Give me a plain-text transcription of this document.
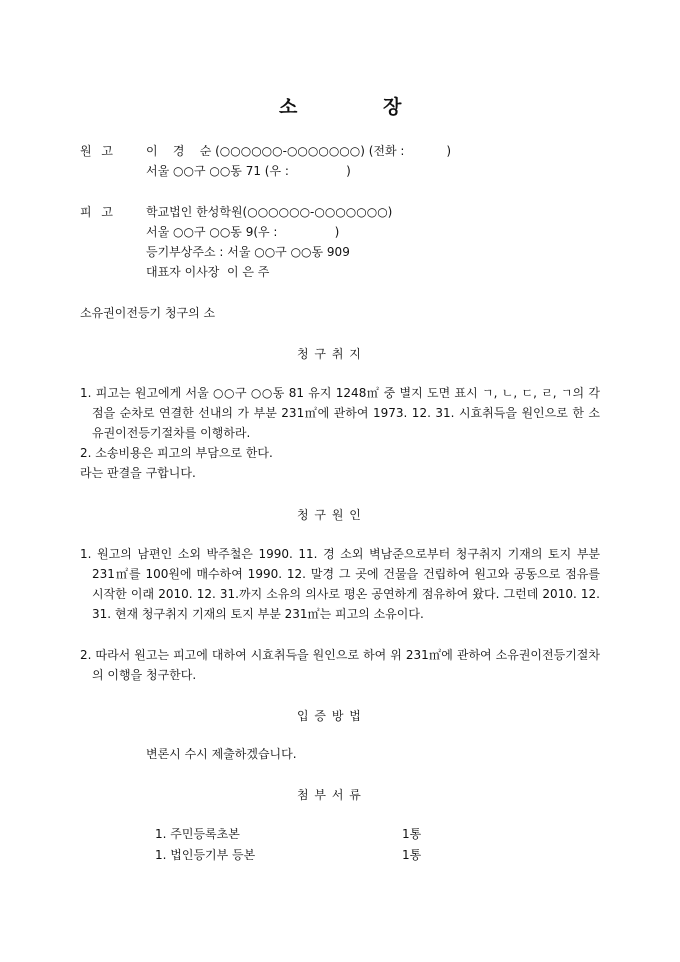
소	장
원 고	이    경    순 (○○○○○○-○○○○○○○) (전화 :           )
서울 ○○구 ○○동 71 (우 :               )
피 고	학교법인 한성학원(○○○○○○-○○○○○○○)
서울 ○○구 ○○동 9(우 :               )
등기부상주소 : 서울 ○○구 ○○동 909
대표자 이사장  이 은 주
소유권이전등기 청구의 소
청 구 취 지
1. 피고는 원고에게 서울 ○○구 ○○동 81 유지 1248㎡ 중 별지 도면 표시 ㄱ, ㄴ, ㄷ, ㄹ, ㄱ의 각 점을 순차로 연결한 선내의 가 부분 231㎡에 관하여 1973. 12. 31. 시효취득을 원인으로 한 소유권이전등기절차를 이행하라.
2. 소송비용은 피고의 부담으로 한다.
라는 판결을 구합니다.
청 구 원 인
1. 원고의 남편인 소외 박주철은 1990. 11. 경 소외 벽남준으로부터 청구취지 기재의 토지 부분 231㎡를 100원에 매수하여 1990. 12. 말경 그 곳에 건물을 건립하여 원고와 공동으로 점유를 시작한 이래 2010. 12. 31.까지 소유의 의사로 평온 공연하게 점유하여 왔다. 그런데 2010. 12. 31. 현재 청구취지 기재의 토지 부분 231㎡는 피고의 소유이다.
2. 따라서 원고는 피고에 대하여 시효취득을 원인으로 하여 위 231㎡에 관하여 소유권이전등기절차의 이행을 청구한다.
입 증 방 법
변론시 수시 제출하겠습니다.
첨 부 서 류
1. 주민등록초본	1통
1. 법인등기부 등본	1통
